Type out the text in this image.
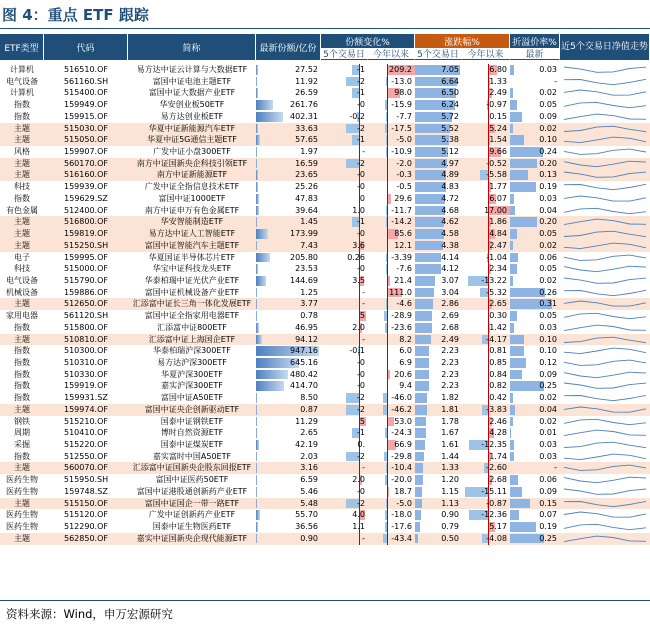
图 4：重点 ETF 跟踪
ETF类型	代码	简称	最新份额/亿份
份额变化%	涨跌幅%	折溢价率% 近5个交易日净值走势
5个交易日 今年以来 5个交易日 今年以来	最新
计算机	516510.OF	易方达中证云计算与大数据ETF	27.52	-1	209.2	7.05	6.80	0.03
电气设备	561160.SH	富国中证电池主题ETF	11.92	-2	-13.0	6.64	1.33	-
计算机	515400.OF	富国中证大数据产业ETF	26.59	-1	98.0	6.50	2.49	0.02
指数	159949.OF	华安创业板50ETF	261.76	-0	-15.9	6.24	-0.97	0.05
指数	159915.OF	易方达创业板ETF	402.31	-0.2	-7.7	5.72	0.15	0.09
主题	515030.OF	华夏中证新能源汽车ETF	33.63	-2	-17.5	5.52	5.24	0.02
主题	515050.OF	华夏中证5G通信主题ETF	57.65	-1	-5.0	5.38	1.54	0.10
风格	159907.OF	广发中证小盘300ETF	1.97	-	-10.9	5.12	9.66	0.24
主题	560170.OF	南方中证国新央企科技引领ETF	16.59	-2	-2.0	4.97	-0.52	0.20
主题	516160.OF	南方中证新能源ETF	23.65	-0	-0.3	4.89	-5.58	0.13
科技	159939.OF	广发中证全指信息技术ETF	25.26	-0	-0.5	4.83	1.77	0.19
指数	159629.SZ	富国中证1000ETF	47.83	0	29.6	4.72	6.07	0.03
有色金属	512400.OF	南方中证申万有色金属ETF	39.64	1.0	-11.7	4.68	17.00	0.04
主题	516800.OF	华安智能制造ETF	1.45	-1	-14.2	4.62	1.86	0.20
主题	159819.OF	易方达中证人工智能ETF	173.99	-0	85.6	4.58	4.84	0.05
主题	515250.SH	富国中证智能汽车主题ETF	7.43	3.6	12.1	4.38	2.47	0.02
电子	159995.OF	华夏国证半导体芯片ETF	205.80	0.26	-3.39	4.14	-1.04	0.06
科技	515000.OF	华宝中证科技龙头ETF	23.53	-0	-7.6	4.12	2.34	0.05
电气设备	515790.OF	华泰柏瑞中证光伏产业ETF	144.69	3.5	21.4	3.07	-13.22	0.02
机械设备	159886.OF	富国中证机械设备产业ETF	1.25	-	111.0	3.04	-5.32	0.26
主题	512650.OF	汇添富中证长三角一体化发展ETF	3.77	-	-4.6	2.86	2.65	0.31
家用电器	561120.SH	富国中证全指家用电器ETF	0.78	5	-28.9	2.69	0.30	0.05
指数	515800.OF	汇添富中证800ETF	46.95	2.0	-23.6	2.68	1.42	0.03
主题	510810.OF	汇添富中证上海国企ETF	94.12	-	8.2	2.49	-4.17	0.10
指数	510300.OF	华泰柏瑞沪深300ETF	947.16	-0.1	6.0	2.23	0.81	0.10
指数	510310.OF	易方达沪深300ETF	645.16	-0	6.9	2.23	0.85	0.12
指数	510330.OF	华夏沪深300ETF	480.42	-0	20.6	2.23	0.84	0.09
指数	159919.OF	嘉实沪深300ETF	414.70	-0	9.4	2.23	0.82	0.25
指数	159931.SZ	富国中证A50ETF	8.50	-2	-46.0	1.82	0.42	0.02
主题	159974.OF	富国中证央企创新驱动ETF	0.87	-2	-46.2	1.81	-3.83	0.04
钢铁	515210.OF	国泰中证钢铁ETF	11.29	5	53.0	1.78	2.46	0.02
周期	510410.OF	博时自然资源ETF	2.65	-1	-24.3	1.67	4.28	0.01
采掘	515220.OF	国泰中证煤炭ETF	42.19	0.	66.9	1.61	-12.35	0.03
指数	512550.OF	嘉实富时中国A50ETF	2.03	-2	-29.8	1.44	1.74	0.03
主题	560070.OF	汇添富中证国新央企股东回报ETF	3.16	-	-10.4	1.33	-2.60	-
医药生物	515950.SH	富国中证医药50ETF	6.59	2.0	-20.0	1.20	2.68	0.06
医药生物	159748.SZ	富国中证港股通创新药产业ETF	5.46	-0	18.7	1.15	-15.11	0.09
主题	515150.OF	富国中证国企一带一路ETF	5.48	-2	-5.0	1.13	-0.87	0.15
医药生物	515120.OF	广发中证创新药产业ETF	55.70	4.0	-18.0	0.90	-12.36	0.07
医药生物	512290.OF	国泰中证生物医药ETF	36.56	1.1	-17.6	0.79	5.17	0.19
主题	562850.OF	嘉实中证国新央企现代能源ETF	0.90	-	-43.4	0.50	-4.08	0.25
资料来源：Wind，申万宏源研究
